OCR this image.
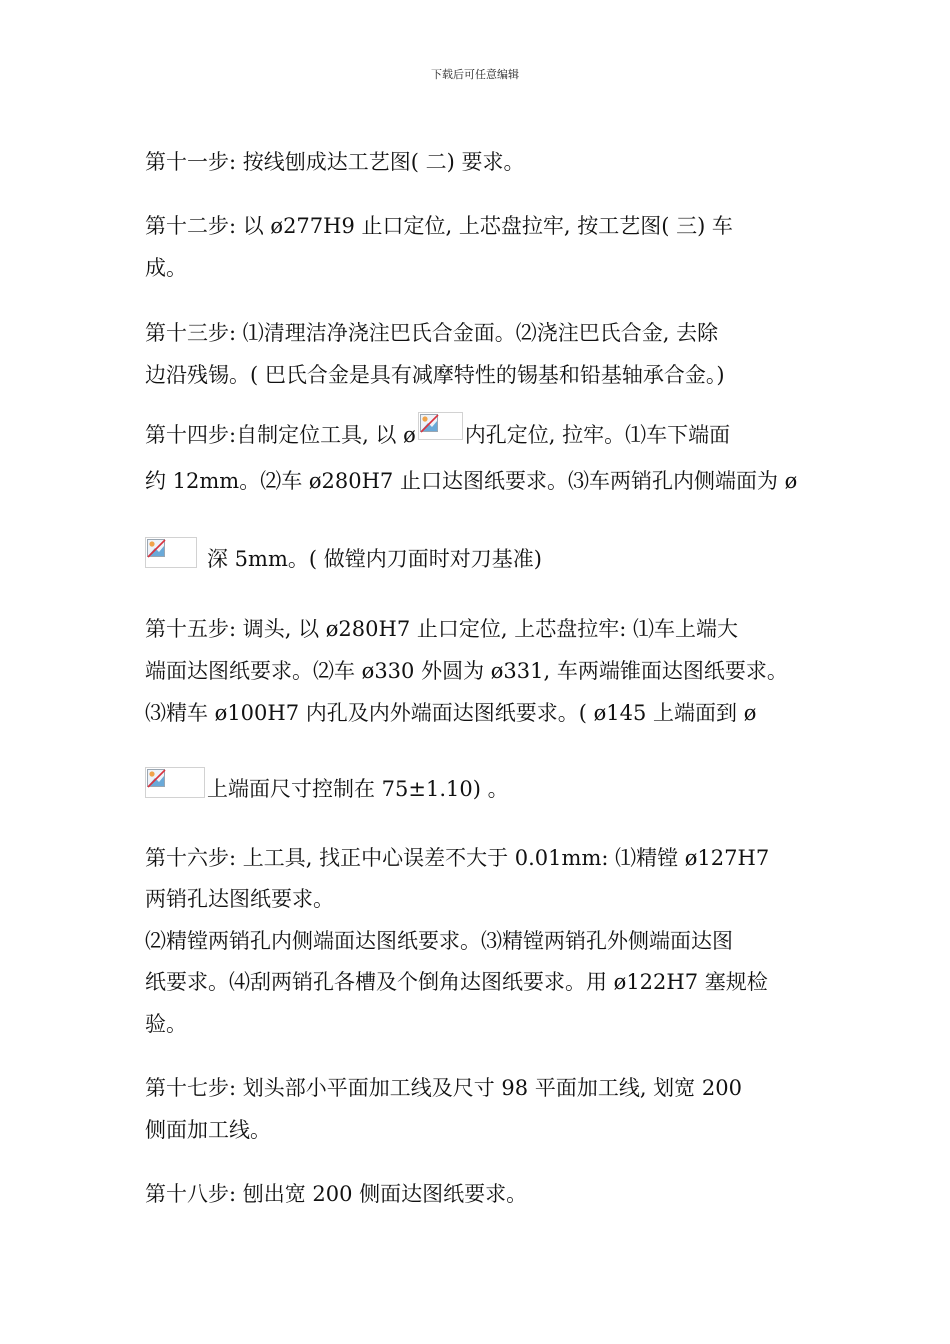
下载后可任意编辑
第十一步: 按线刨成达工艺图( 二) 要求。
第十二步: 以 ø277H9 止口定位, 上芯盘拉牢, 按工艺图( 三) 车
成。
第十三步: ⑴清理洁净浇注巴氏合金面。⑵浇注巴氏合金, 去除
边沿残锡。( 巴氏合金是具有减摩特性的锡基和铅基轴承合金。)
第十四步:自制定位工具, 以 ø 内孔定位, 拉牢。⑴车下端面
约 12mm。⑵车 ø280H7 止口达图纸要求。⑶车两销孔内侧端面为 ø
深 5mm。( 做镗内刀面时对刀基准)
第十五步: 调头, 以 ø280H7 止口定位, 上芯盘拉牢: ⑴车上端大
端面达图纸要求。⑵车 ø330 外圆为 ø331, 车两端锥面达图纸要求。
⑶精车 ø100H7 内孔及内外端面达图纸要求。( ø145 上端面到 ø
上端面尺寸控制在 75±1.10) 。
第十六步: 上工具, 找正中心误差不大于 0.01mm: ⑴精镗 ø127H7
两销孔达图纸要求。
⑵精镗两销孔内侧端面达图纸要求。⑶精镗两销孔外侧端面达图
纸要求。⑷刮两销孔各槽及个倒角达图纸要求。用 ø122H7 塞规检
验。
第十七步: 划头部小平面加工线及尺寸 98 平面加工线, 划宽 200
侧面加工线。
第十八步: 刨出宽 200 侧面达图纸要求。
